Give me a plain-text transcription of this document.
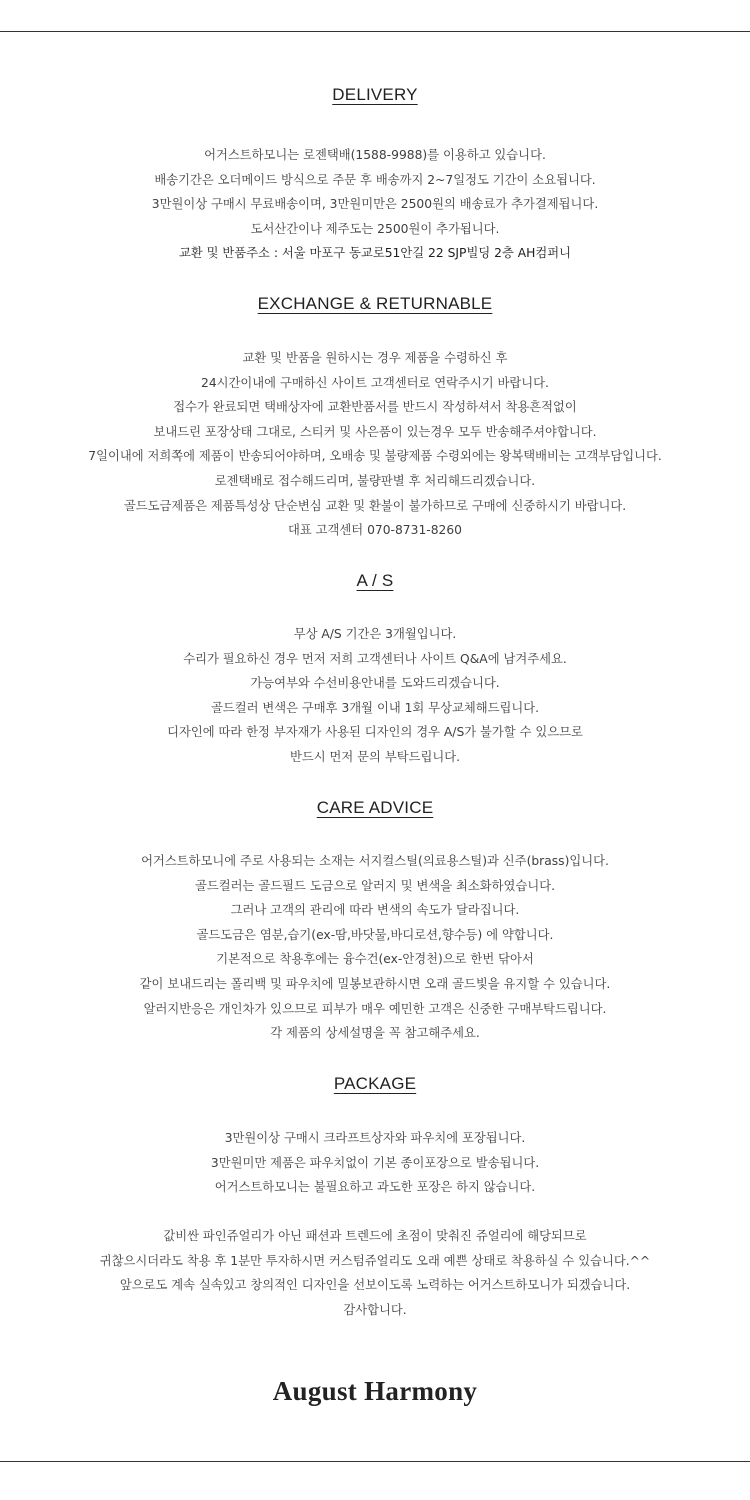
DELIVERY
어거스트하모니는 로젠택배(1588-9988)를 이용하고 있습니다.
배송기간은 오더메이드 방식으로 주문 후 배송까지 2~7일정도 기간이 소요됩니다.
3만원이상 구매시 무료배송이며, 3만원미만은 2500원의 배송료가 추가결제됩니다.
도서산간이나 제주도는 2500원이 추가됩니다.
교환 및 반품주소 : 서울 마포구 동교로51안길 22 SJP빌딩 2층 AH컴퍼니
EXCHANGE & RETURNABLE
교환 및 반품을 원하시는 경우 제품을 수령하신 후
24시간이내에 구매하신 사이트 고객센터로 연락주시기 바랍니다.
접수가 완료되면 택배상자에 교환반품서를 반드시 작성하셔서 착용흔적없이
보내드린 포장상태 그대로, 스티커 및 사은품이 있는경우 모두 반송해주셔야합니다.
7일이내에 저희쪽에 제품이 반송되어야하며, 오배송 및 불량제품 수령외에는 왕복택배비는 고객부담입니다.
로젠택배로 접수해드리며, 불량판별 후 처리해드리겠습니다.
골드도금제품은 제품특성상 단순변심 교환 및 환불이 불가하므로 구매에 신중하시기 바랍니다.
대표 고객센터 070-8731-8260
A / S
무상 A/S 기간은 3개월입니다.
수리가 필요하신 경우 먼저 저희 고객센터나 사이트 Q&A에 남겨주세요.
가능여부와 수선비용안내를 도와드리겠습니다.
골드컬러 변색은 구매후 3개월 이내 1회 무상교체해드립니다.
디자인에 따라 한정 부자재가 사용된 디자인의 경우 A/S가 불가할 수 있으므로
반드시 먼저 문의 부탁드립니다.
CARE ADVICE
어거스트하모니에 주로 사용되는 소재는 서지컬스틸(의료용스틸)과 신주(brass)입니다.
골드컬러는 골드필드 도금으로 알러지 및 변색을 최소화하였습니다.
그러나 고객의 관리에 따라 변색의 속도가 달라집니다.
골드도금은 염분,습기(ex-땀,바닷물,바디로션,향수등) 에 약합니다.
기본적으로 착용후에는 융수건(ex-안경천)으로 한번 닦아서
같이 보내드리는 폴리백 및 파우치에 밀봉보관하시면 오래 골드빛을 유지할 수 있습니다.
알러지반응은 개인차가 있으므로 피부가 매우 예민한 고객은 신중한 구매부탁드립니다.
각 제품의 상세설명을 꼭 참고해주세요.
PACKAGE
3만원이상 구매시 크라프트상자와 파우치에 포장됩니다.
3만원미만 제품은 파우치없이 기본 종이포장으로 발송됩니다.
어거스트하모니는 불필요하고 과도한 포장은 하지 않습니다.
값비싼 파인쥬얼리가 아닌 패션과 트렌드에 초점이 맞춰진 쥬얼리에 해당되므로
귀찮으시더라도 착용 후 1분만 투자하시면 커스텀쥬얼리도 오래 예쁜 상태로 착용하실 수 있습니다.^^
앞으로도 계속 실속있고 창의적인 디자인을 선보이도록 노력하는 어거스트하모니가 되겠습니다.
감사합니다.
August Harmony
